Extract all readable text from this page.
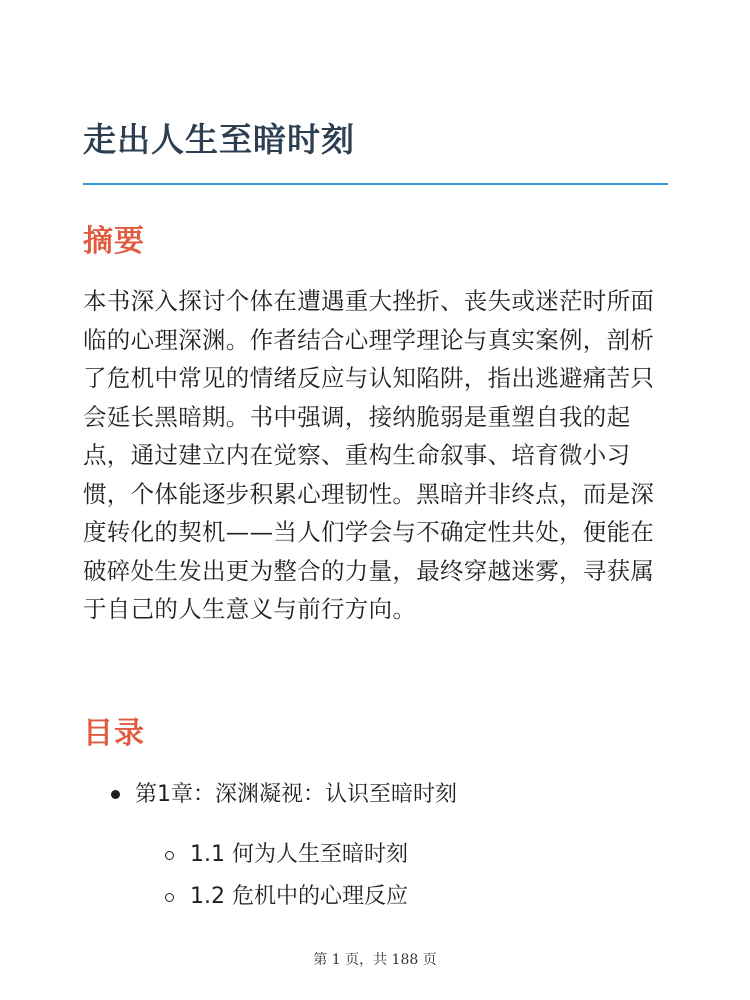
走出人生至暗时刻
摘要

本书深入探讨个体在遭遇重大挫折、丧失或迷茫时所面临的心理深渊。作者结合心理学理论与真实案例，剖析了危机中常见的情绪反应与认知陷阱，指出逃避痛苦只会延长黑暗期。书中强调，接纳脆弱是重塑自我的起点，通过建立内在觉察、重构生命叙事、培育微小习惯，个体能逐步积累心理韧性。黑暗并非终点，而是深度转化的契机——当人们学会与不确定性共处，便能在破碎处生发出更为整合的力量，最终穿越迷雾，寻获属于自己的人生意义与前行方向。

目录
第1章：深渊凝视：认识至暗时刻
1.1 何为人生至暗时刻
1.2 危机中的心理反应
第 1 页，共 188 页
